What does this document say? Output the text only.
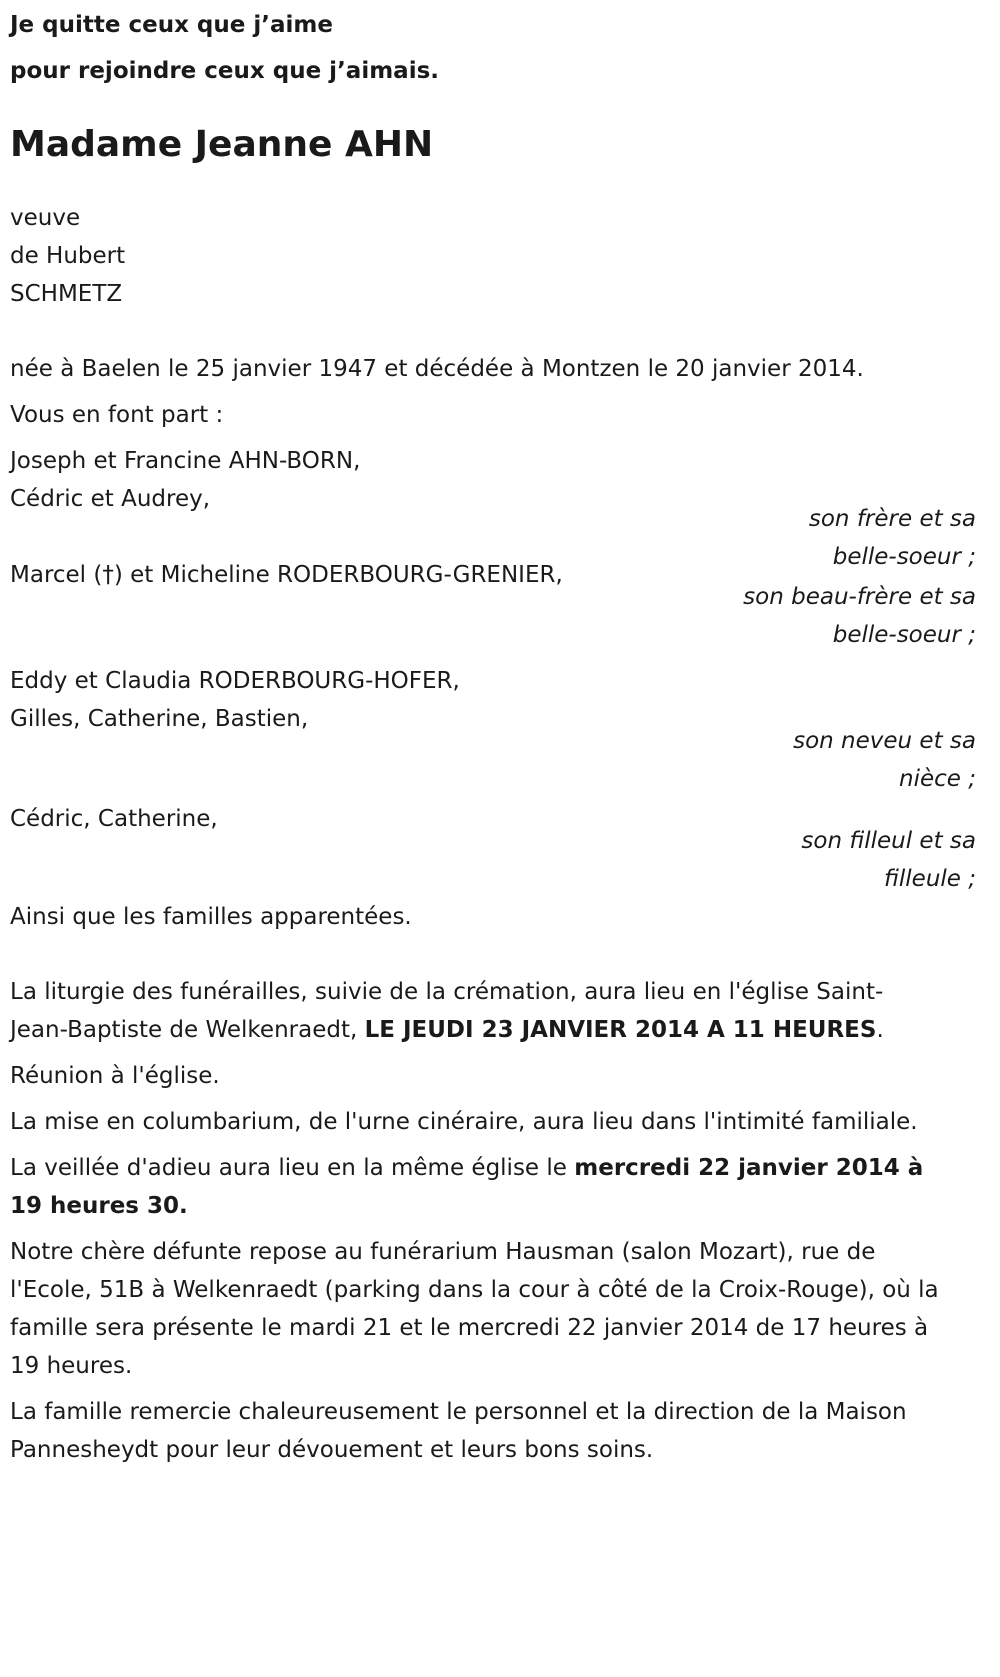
Je quitte ceux que j’aime

pour rejoindre ceux que j’aimais.

Madame Jeanne AHN

veuve

de Hubert

SCHMETZ

née à Baelen le 25 janvier 1947 et décédée à Montzen le 20 janvier 2014.

Vous en font part :

Joseph et Francine AHN-BORN,

Cédric et Audrey,

son frère et sa

belle-soeur ;

Marcel (†) et Micheline RODERBOURG-GRENIER,

son beau-frère et sa

belle-soeur ;

Eddy et Claudia RODERBOURG-HOFER,

Gilles, Catherine, Bastien,

son neveu et sa

nièce ;

Cédric, Catherine,

son filleul et sa

filleule ;

Ainsi que les familles apparentées.

La liturgie des funérailles, suivie de la crémation, aura lieu en l'église Saint-Jean-Baptiste de Welkenraedt, LE JEUDI 23 JANVIER 2014 A 11 HEURES.

Réunion à l'église.

La mise en columbarium, de l'urne cinéraire, aura lieu dans l'intimité familiale.

La veillée d'adieu aura lieu en la même église le mercredi 22 janvier 2014 à 19 heures 30.

Notre chère défunte repose au funérarium Hausman (salon Mozart), rue de l'Ecole, 51B à Welkenraedt (parking dans la cour à côté de la Croix-Rouge), où la famille sera présente le mardi 21 et le mercredi 22 janvier 2014 de 17 heures à 19 heures.

La famille remercie chaleureusement le personnel et la direction de la Maison Pannesheydt pour leur dévouement et leurs bons soins.
